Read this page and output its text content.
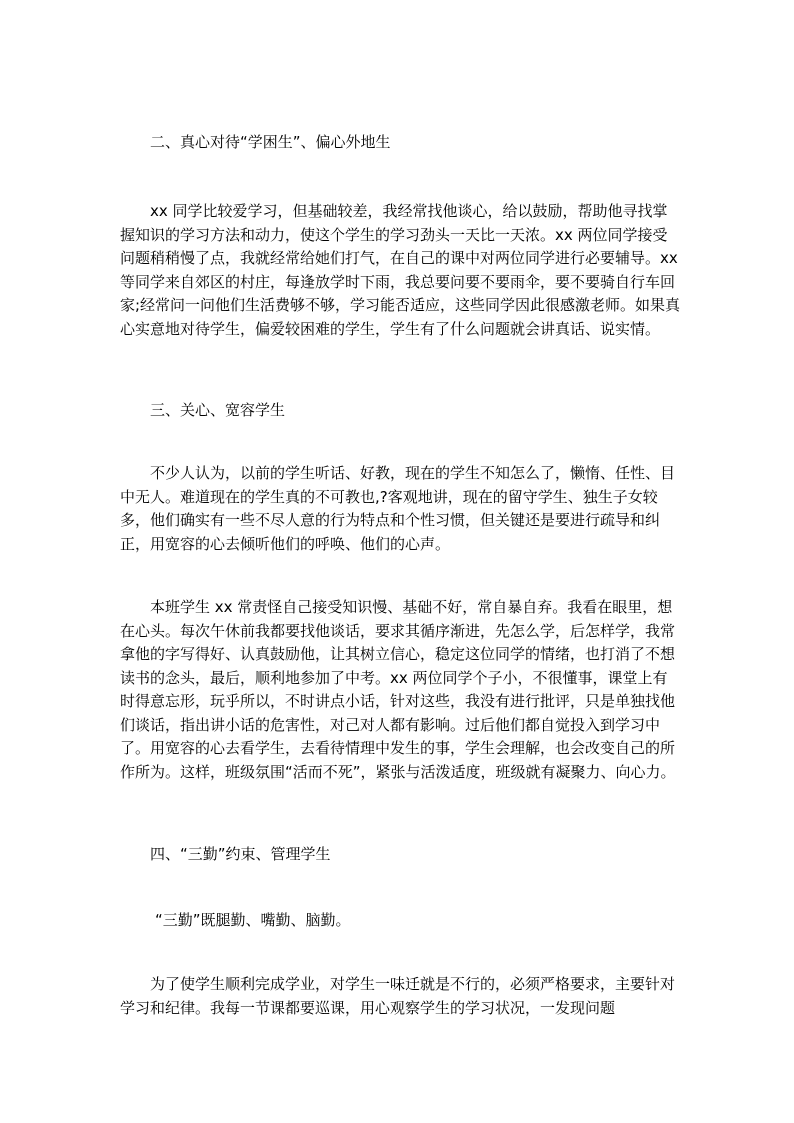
二、真心对待“学困生”、偏心外地生

xx 同学比较爱学习，但基础较差，我经常找他谈心，给以鼓励，帮助他寻找掌握知识的学习方法和动力，使这个学生的学习劲头一天比一天浓。xx 两位同学接受问题稍稍慢了点，我就经常给她们打气，在自己的课中对两位同学进行必要辅导。xx 等同学来自郊区的村庄，每逢放学时下雨，我总要问要不要雨伞，要不要骑自行车回家;经常问一问他们生活费够不够，学习能否适应，这些同学因此很感激老师。如果真心实意地对待学生，偏爱较困难的学生，学生有了什么问题就会讲真话、说实情。

三、关心、宽容学生

不少人认为，以前的学生听话、好教，现在的学生不知怎么了，懒惰、任性、目中无人。难道现在的学生真的不可教也,?客观地讲，现在的留守学生、独生子女较多，他们确实有一些不尽人意的行为特点和个性习惯，但关键还是要进行疏导和纠正，用宽容的心去倾听他们的呼唤、他们的心声。

本班学生 xx 常责怪自己接受知识慢、基础不好，常自暴自弃。我看在眼里，想在心头。每次午休前我都要找他谈话，要求其循序渐进，先怎么学，后怎样学，我常拿他的字写得好、认真鼓励他，让其树立信心，稳定这位同学的情绪，也打消了不想读书的念头，最后，顺利地参加了中考。xx 两位同学个子小，不很懂事，课堂上有时得意忘形，玩乎所以，不时讲点小话，针对这些，我没有进行批评，只是单独找他们谈话，指出讲小话的危害性，对己对人都有影响。过后他们都自觉投入到学习中了。用宽容的心去看学生，去看待情理中发生的事，学生会理解，也会改变自己的所作所为。这样，班级氛围“活而不死”，紧张与活泼适度，班级就有凝聚力、向心力。

四、“三勤”约束、管理学生

“三勤”既腿勤、嘴勤、脑勤。

为了使学生顺利完成学业，对学生一味迁就是不行的，必须严格要求，主要针对学习和纪律。我每一节课都要巡课，用心观察学生的学习状况，一发现问题
